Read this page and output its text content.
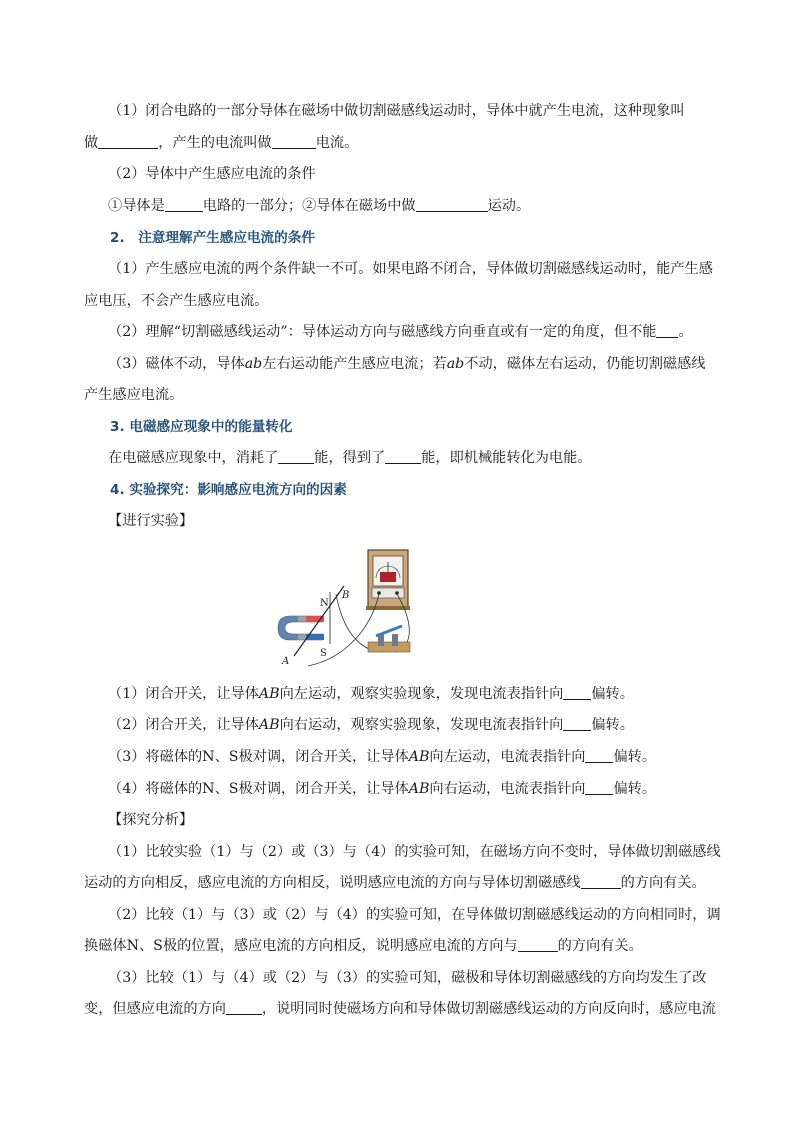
（1）闭合电路的一部分导体在磁场中做切割磁感线运动时，导体中就产生电流，这种现象叫
做	，产生的电流叫做	电流。
（2）导体中产生感应电流的条件
①导体是	电路的一部分；②导体在磁场中做	运动。
2.　注意理解产生感应电流的条件
（1）产生感应电流的两个条件缺一不可。如果电路不闭合，导体做切割磁感线运动时，能产生感
应电压，不会产生感应电流。
（2）理解“切割磁感线运动”：导体运动方向与磁感线方向垂直或有一定的角度，但不能 。
（3）磁体不动，导体ab左右运动能产生感应电流；若ab不动，磁体左右运动，仍能切割磁感线
产生感应电流。
3. 电磁感应现象中的能量转化
在电磁感应现象中，消耗了	能，得到了	能，即机械能转化为电能。
4. 实验探究：影响感应电流方向的因素
【进行实验】
N
S
A
B
（1）闭合开关，让导体AB向左运动，观察实验现象，发现电流表指针向 偏转。
（2）闭合开关，让导体AB向右运动，观察实验现象，发现电流表指针向 偏转。
（3）将磁体的N、S极对调，闭合开关，让导体AB向左运动，电流表指针向 偏转。
（4）将磁体的N、S极对调，闭合开关，让导体AB向右运动，电流表指针向 偏转。
【探究分析】
（1）比较实验（1）与（2）或（3）与（4）的实验可知，在磁场方向不变时，导体做切割磁感线
运动的方向相反，感应电流的方向相反，说明感应电流的方向与导体切割磁感线	的方向有关。
（2）比较（1）与（3）或（2）与（4）的实验可知，在导体做切割磁感线运动的方向相同时，调
换磁体N、S极的位置，感应电流的方向相反，说明感应电流的方向与	的方向有关。
（3）比较（1）与（4）或（2）与（3）的实验可知，磁极和导体切割磁感线的方向均发生了改
变，但感应电流的方向	，说明同时使磁场方向和导体做切割磁感线运动的方向反向时，感应电流
